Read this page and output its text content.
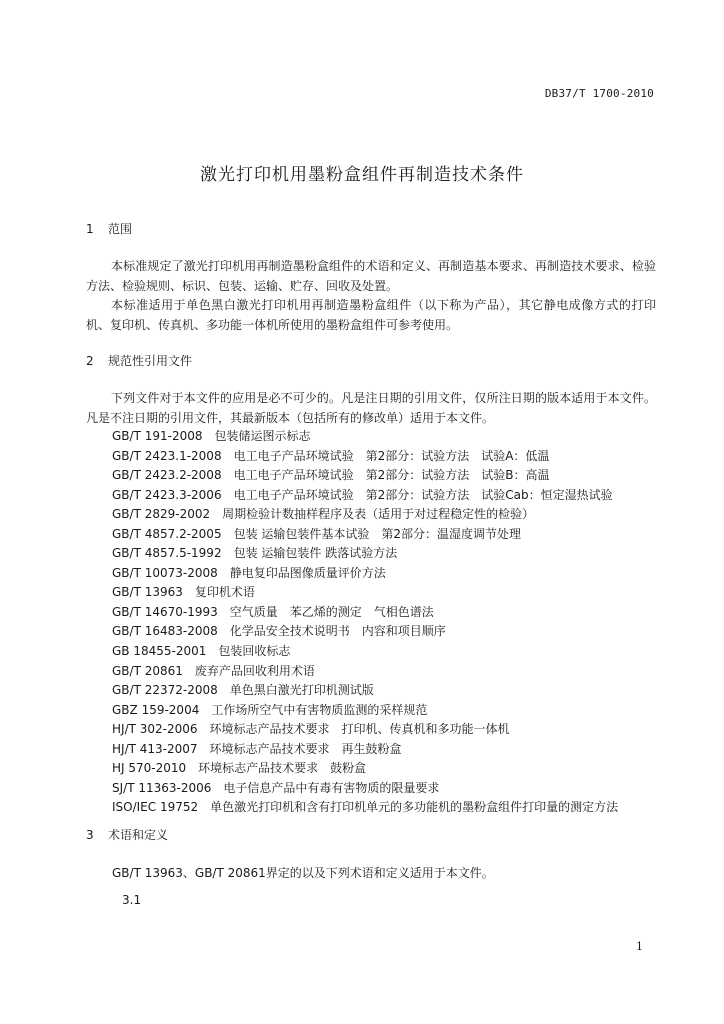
DB37/T 1700-2010
激光打印机用墨粉盒组件再制造技术条件
1 范围
本标准规定了激光打印机用再制造墨粉盒组件的术语和定义、再制造基本要求、再制造技术要求、检验方法、检验规则、标识、包装、运输、贮存、回收及处置。
本标准适用于单色黑白激光打印机用再制造墨粉盒组件（以下称为产品），其它静电成像方式的打印机、复印机、传真机、多功能一体机所使用的墨粉盒组件可参考使用。
2 规范性引用文件
下列文件对于本文件的应用是必不可少的。凡是注日期的引用文件，仅所注日期的版本适用于本文件。凡是不注日期的引用文件，其最新版本（包括所有的修改单）适用于本文件。
GB/T 191-2008　包装储运图示标志
GB/T 2423.1-2008　电工电子产品环境试验　第2部分：试验方法　试验A：低温
GB/T 2423.2-2008　电工电子产品环境试验　第2部分：试验方法　试验B：高温
GB/T 2423.3-2006　电工电子产品环境试验　第2部分：试验方法　试验Cab：恒定湿热试验
GB/T 2829-2002　周期检验计数抽样程序及表（适用于对过程稳定性的检验）
GB/T 4857.2-2005　包装 运输包装件基本试验　第2部分：温湿度调节处理
GB/T 4857.5-1992　包装 运输包装件 跌落试验方法
GB/T 10073-2008　静电复印品图像质量评价方法
GB/T 13963　复印机术语
GB/T 14670-1993　空气质量　苯乙烯的测定　气相色谱法
GB/T 16483-2008　化学品安全技术说明书　内容和项目顺序
GB 18455-2001　包装回收标志
GB/T 20861　废弃产品回收利用术语
GB/T 22372-2008　单色黑白激光打印机测试版
GBZ 159-2004　工作场所空气中有害物质监测的采样规范
HJ/T 302-2006　环境标志产品技术要求　打印机、传真机和多功能一体机
HJ/T 413-2007　环境标志产品技术要求　再生鼓粉盒
HJ 570-2010　环境标志产品技术要求　鼓粉盒
SJ/T 11363-2006　电子信息产品中有毒有害物质的限量要求
ISO/IEC 19752　单色激光打印机和含有打印机单元的多功能机的墨粉盒组件打印量的测定方法
3 术语和定义
GB/T 13963、GB/T 20861界定的以及下列术语和定义适用于本文件。
3.1
1
